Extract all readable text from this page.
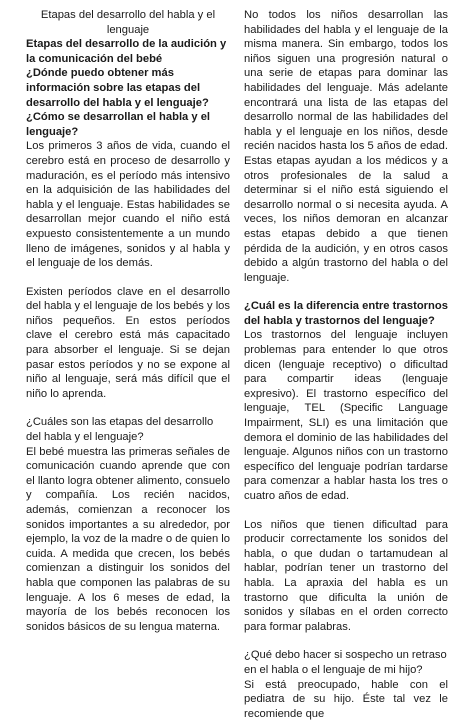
Etapas del desarrollo del habla y el lenguaje

Etapas del desarrollo de la audición y la comunicación del bebé

¿Dónde puedo obtener más información sobre las etapas del desarrollo del habla y el lenguaje?

¿Cómo se desarrollan el habla y el lenguaje?

Los primeros 3 años de vida, cuando el cerebro está en proceso de desarrollo y maduración, es el período más intensivo en la adquisición de las habilidades del habla y el lenguaje. Estas habilidades se desarrollan mejor cuando el niño está expuesto consistentemente a un mundo lleno de imágenes, sonidos y al habla y el lenguaje de los demás.

Existen períodos clave en el desarrollo del habla y el lenguaje de los bebés y los niños pequeños. En estos períodos clave el cerebro está más capacitado para absorber el lenguaje. Si se dejan pasar estos períodos y no se expone al niño al lenguaje, será más difícil que el niño lo aprenda.

¿Cuáles son las etapas del desarrollo del habla y el lenguaje?

El bebé muestra las primeras señales de comunicación cuando aprende que con el llanto logra obtener alimento, consuelo y compañía. Los recién nacidos, además, comienzan a reconocer los sonidos importantes a su alrededor, por ejemplo, la voz de la madre o de quien lo cuida. A medida que crecen, los bebés comienzan a distinguir los sonidos del habla que componen las palabras de su lenguaje. A los 6 meses de edad, la mayoría de los bebés reconocen los sonidos básicos de su lengua materna.

No todos los niños desarrollan las habilidades del habla y el lenguaje de la misma manera. Sin embargo, todos los niños siguen una progresión natural o una serie de etapas para dominar las habilidades del lenguaje. Más adelante encontrará una lista de las etapas del desarrollo normal de las habilidades del habla y el lenguaje en los niños, desde recién nacidos hasta los 5 años de edad. Estas etapas ayudan a los médicos y a otros profesionales de la salud a determinar si el niño está siguiendo el desarrollo normal o si necesita ayuda. A veces, los niños demoran en alcanzar estas etapas debido a que tienen pérdida de la audición, y en otros casos debido a algún trastorno del habla o del lenguaje.

¿Cuál es la diferencia entre trastornos del habla y trastornos del lenguaje?

Los trastornos del lenguaje incluyen problemas para entender lo que otros dicen (lenguaje receptivo) o dificultad para compartir ideas (lenguaje expresivo). El trastorno específico del lenguaje, TEL (Specific Language Impairment, SLI) es una limitación que demora el dominio de las habilidades del lenguaje. Algunos niños con un trastorno específico del lenguaje podrían tardarse para comenzar a hablar hasta los tres o cuatro años de edad.

Los niños que tienen dificultad para producir correctamente los sonidos del habla, o que dudan o tartamudean al hablar, podrían tener un trastorno del habla. La apraxia del habla es un trastorno que dificulta la unión de sonidos y sílabas en el orden correcto para formar palabras.

¿Qué debo hacer si sospecho un retraso en el habla o el lenguaje de mi hijo?

Si está preocupado, hable con el pediatra de su hijo. Éste tal vez le recomiende que
